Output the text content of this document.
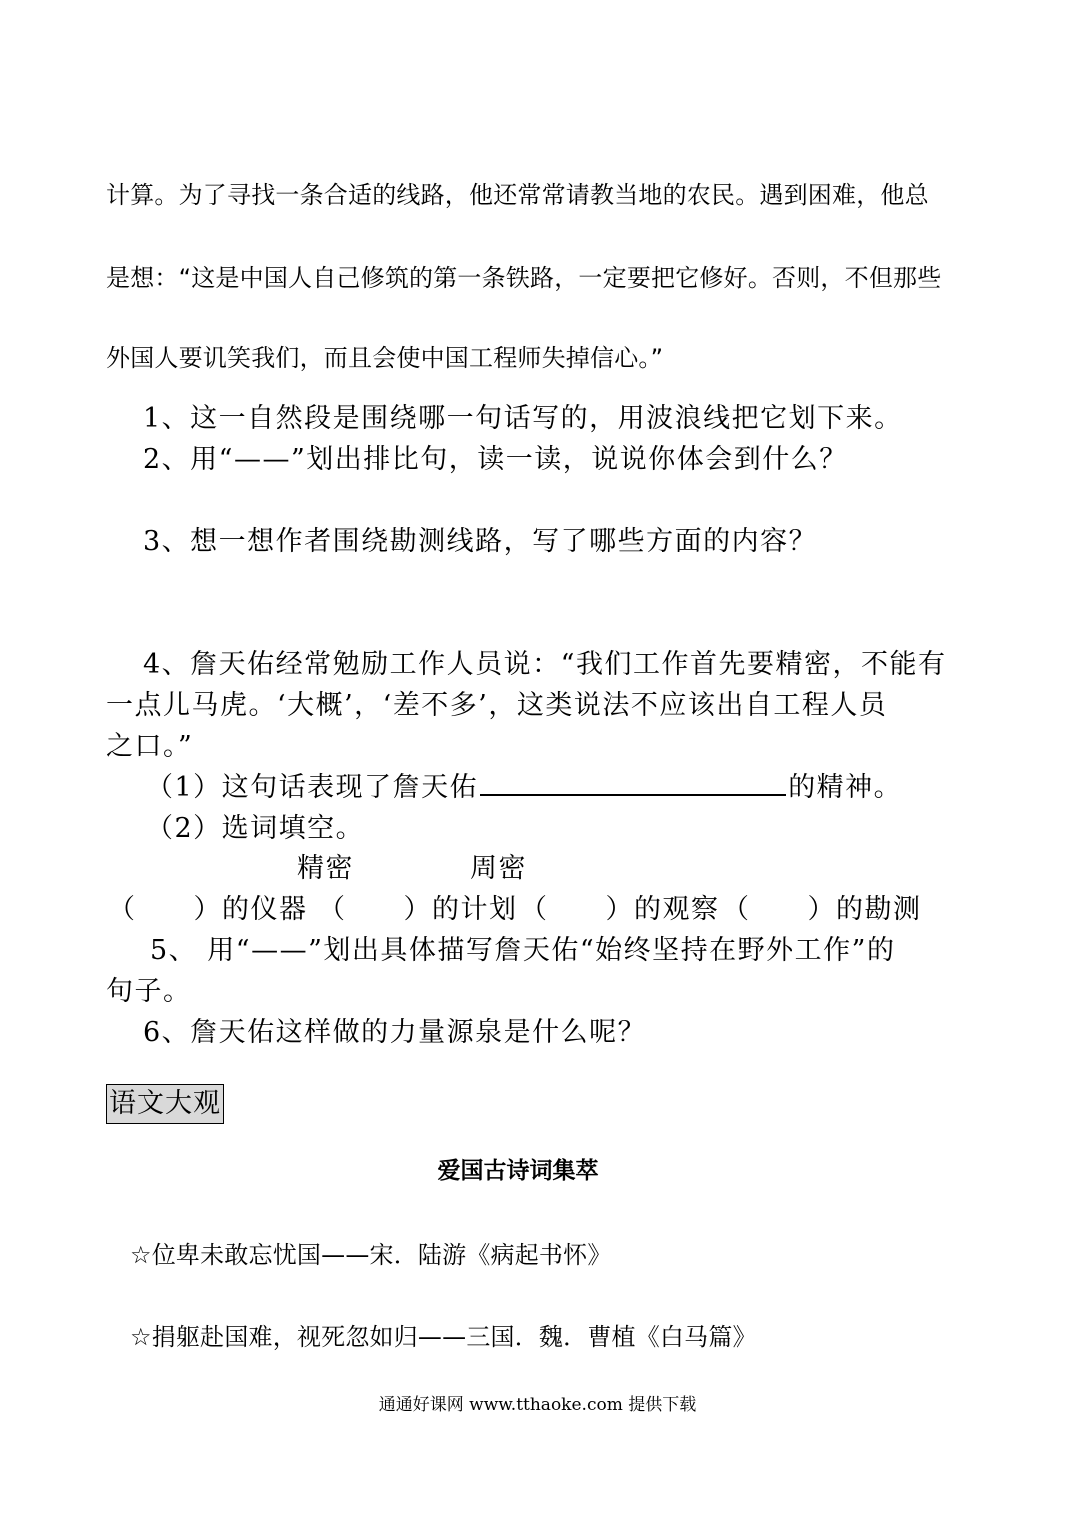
计算。为了寻找一条合适的线路，他还常常请教当地的农民。遇到困难，他总

是想：“这是中国人自己修筑的第一条铁路，一定要把它修好。否则，不但那些

外国人要讥笑我们，而且会使中国工程师失掉信心。”

1、这一自然段是围绕哪一句话写的，用波浪线把它划下来。

2、用“——”划出排比句，读一读，说说你体会到什么？

3、想一想作者围绕勘测线路，写了哪些方面的内容？

4、詹天佑经常勉励工作人员说：“我们工作首先要精密，不能有

一点儿马虎。‘大概’，‘差不多’，这类说法不应该出自工程人员

之口。”

（1）这句话表现了詹天佑	的精神。

（2）选词填空。

精密	周密

（　　）的仪器 （　　）的计划 （　　）的观察 （　　）的勘测

5、 用“——”划出具体描写詹天佑“始终坚持在野外工作”的

句子。

6、詹天佑这样做的力量源泉是什么呢？

语文大观
爱国古诗词集萃

☆位卑未敢忘忧国——宋．陆游《病起书怀》

☆捐躯赴国难，视死忽如归——三国．魏．曹植《白马篇》

通通好课网 www.tthaoke.com 提供下载
